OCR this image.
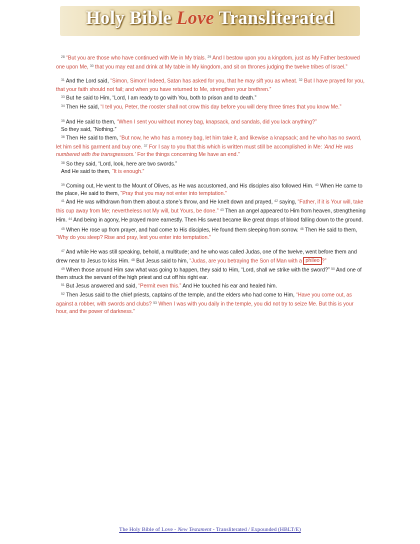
Holy Bible Love Transliterated

$^{28}$ “But you are those who have continued with Me in My trials. $^{29}$ And I bestow upon you a kingdom, just as My Father bestowed one upon Me, $^{30}$ that you may eat and drink at My table in My kingdom, and sit on thrones judging the twelve tribes of Israel.”

$^{31}$ And the Lord said, “Simon, Simon! Indeed, Satan has asked for you, that he may sift you as wheat. $^{32}$ But I have prayed for you, that your faith should not fail; and when you have returned to Me, strengthen your brethren.”

$^{33}$ But he said to Him, “Lord, I am ready to go with You, both to prison and to death.”

$^{34}$ Then He said, “I tell you, Peter, the rooster shall not crow this day before you will deny three times that you know Me.”

$^{35}$ And He said to them, “When I sent you without money bag, knapsack, and sandals, did you lack anything?”

So they said, “Nothing.”

$^{36}$ Then He said to them, “But now, he who has a money bag, let him take it, and likewise a knapsack; and he who has no sword, let him sell his garment and buy one. $^{37}$ For I say to you that this which is written must still be accomplished in Me: ‘And He was numbered with the transgressors.’ For the things concerning Me have an end.”

$^{38}$ So they said, “Lord, look, here are two swords.”

And He said to them, “It is enough.”

$^{39}$ Coming out, He went to the Mount of Olives, as He was accustomed, and His disciples also followed Him. $^{40}$ When He came to the place, He said to them, “Pray that you may not enter into temptation.”

$^{41}$ And He was withdrawn from them about a stone’s throw, and He knelt down and prayed, $^{42}$ saying, “Father, if it is Your will, take this cup away from Me; nevertheless not My will, but Yours, be done.” $^{43}$ Then an angel appeared to Him from heaven, strengthening Him. $^{44}$ And being in agony, He prayed more earnestly. Then His sweat became like great drops of blood falling down to the ground.

$^{45}$ When He rose up from prayer, and had come to His disciples, He found them sleeping from sorrow. $^{46}$ Then He said to them, “Why do you sleep? Rise and pray, lest you enter into temptation.”

$^{47}$ And while He was still speaking, behold, a multitude; and he who was called Judas, one of the twelve, went before them and drew near to Jesus to kiss Him. $^{48}$ But Jesus said to him, “Judas, are you betraying the Son of Man with a phileo ?”

$^{49}$ When those around Him saw what was going to happen, they said to Him, “Lord, shall we strike with the sword?” $^{50}$ And one of them struck the servant of the high priest and cut off his right ear.

$^{51}$ But Jesus answered and said, “Permit even this.” And He touched his ear and healed him.

$^{52}$ Then Jesus said to the chief priests, captains of the temple, and the elders who had come to Him, “Have you come out, as against a robber, with swords and clubs? $^{53}$ When I was with you daily in the temple, you did not try to seize Me. But this is your hour, and the power of darkness.”

The Holy Bible of Love - New Testament - Transliterated / Expounded (HBLT/E)
